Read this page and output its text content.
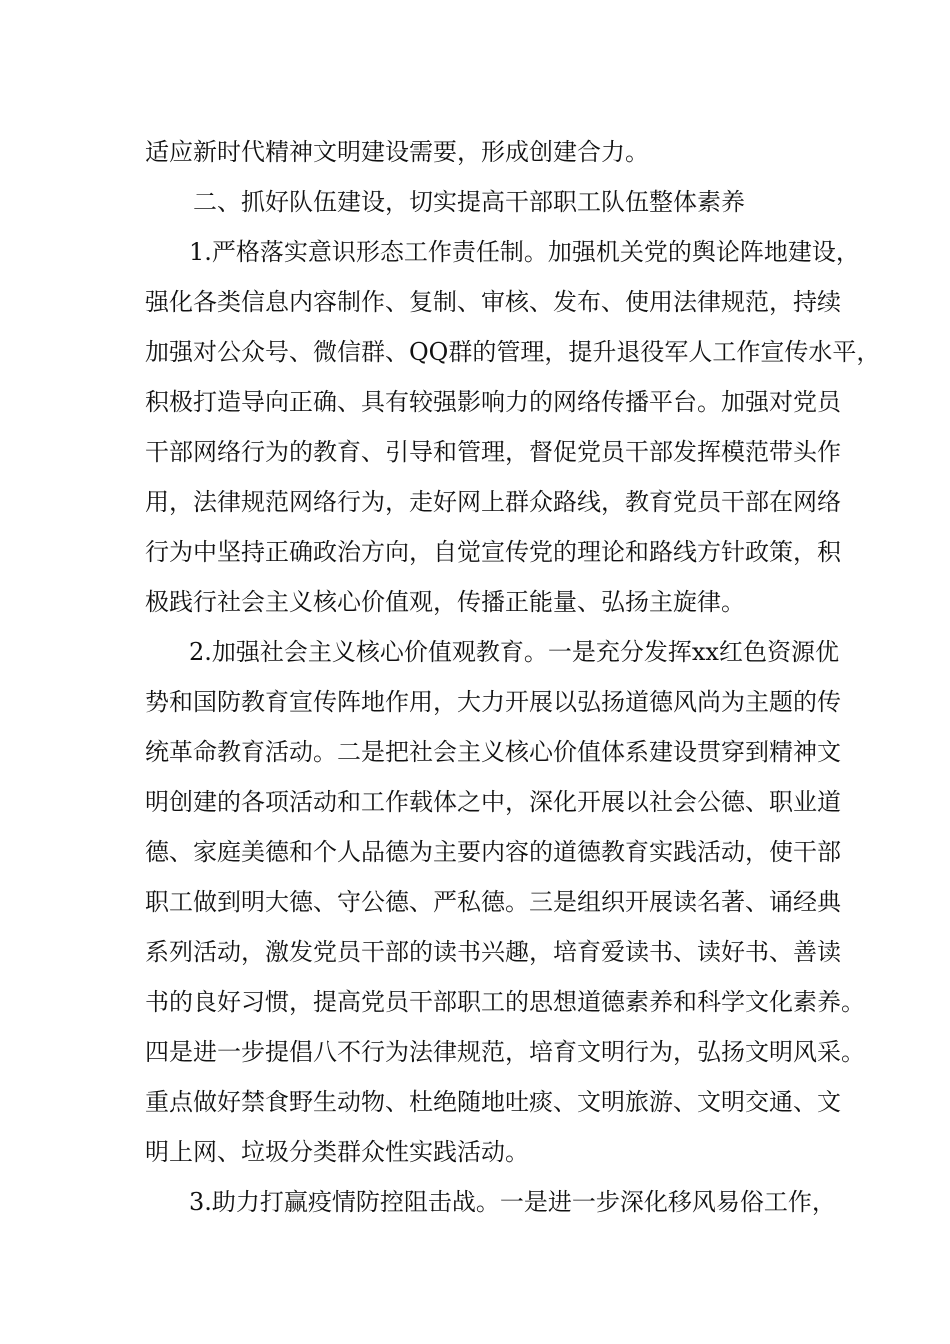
适应新时代精神文明建设需要，形成创建合力。
二、抓好队伍建设，切实提高干部职工队伍整体素养
1.严格落实意识形态工作责任制。加强机关党的舆论阵地建设，
强化各类信息内容制作、复制、审核、发布、使用法律规范，持续
加强对公众号、微信群、QQ群的管理，提升退役军人工作宣传水平，
积极打造导向正确、具有较强影响力的网络传播平台。加强对党员
干部网络行为的教育、引导和管理，督促党员干部发挥模范带头作
用，法律规范网络行为，走好网上群众路线，教育党员干部在网络
行为中坚持正确政治方向，自觉宣传党的理论和路线方针政策，积
极践行社会主义核心价值观，传播正能量、弘扬主旋律。
2.加强社会主义核心价值观教育。一是充分发挥xx红色资源优
势和国防教育宣传阵地作用，大力开展以弘扬道德风尚为主题的传
统革命教育活动。二是把社会主义核心价值体系建设贯穿到精神文
明创建的各项活动和工作载体之中，深化开展以社会公德、职业道
德、家庭美德和个人品德为主要内容的道德教育实践活动，使干部
职工做到明大德、守公德、严私德。三是组织开展读名著、诵经典
系列活动，激发党员干部的读书兴趣，培育爱读书、读好书、善读
书的良好习惯，提高党员干部职工的思想道德素养和科学文化素养。
四是进一步提倡八不行为法律规范，培育文明行为，弘扬文明风采。
重点做好禁食野生动物、杜绝随地吐痰、文明旅游、文明交通、文
明上网、垃圾分类群众性实践活动。
3.助力打赢疫情防控阻击战。一是进一步深化移风易俗工作，
